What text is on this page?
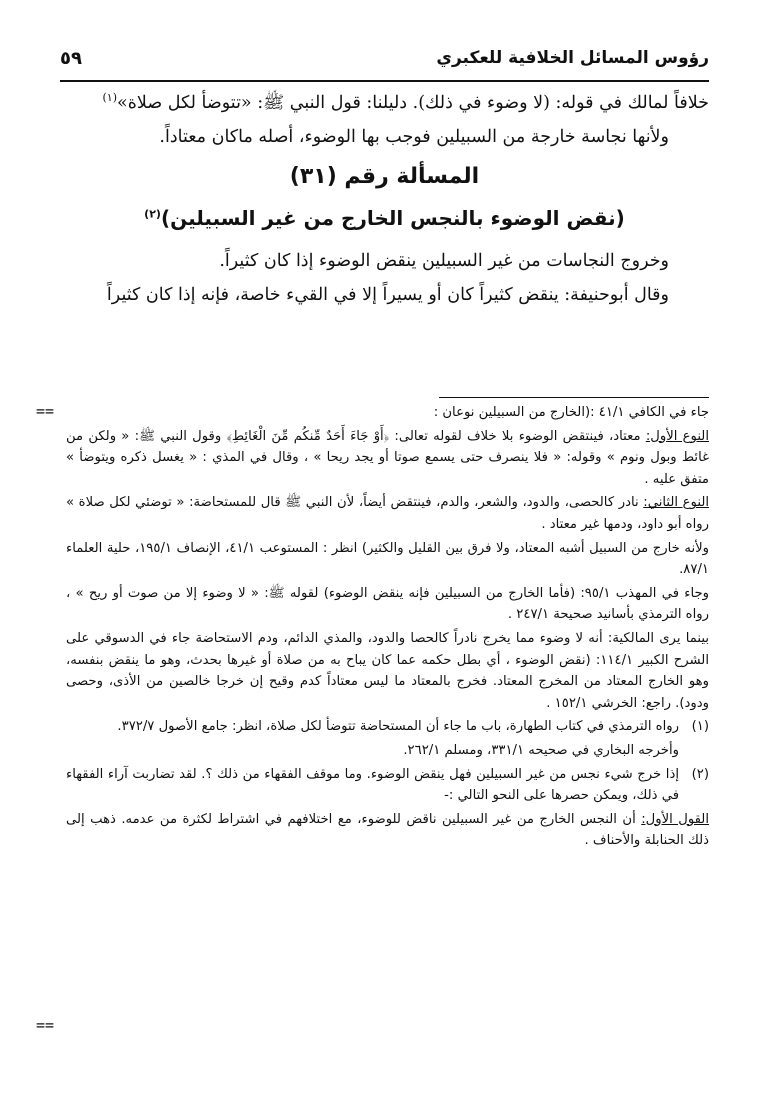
رؤوس المسائل الخلافية للعكبري
٥٩

خلافاً لمالك في قوله: (لا وضوء في ذلك). دليلنا: قول النبي ﷺ: «تتوضأ لكل صلاة»$^{(١)}$

ولأنها نجاسة خارجة من السبيلين فوجب بها الوضوء، أصله ماكان معتاداً.

المسألة رقم (٣١)

(نقض الوضوء بالنجس الخارج من غير السبيلين)$^{(٢)}$

وخروج النجاسات من غير السبيلين ينقض الوضوء إذا كان كثيراً.

وقال أبوحنيفة: ينقض كثيراً كان أو يسيراً إلا في القيء خاصة، فإنه إذا كان كثيراً

==
==

جاء في الكافي ٤١/١ :(الخارج من السبيلين نوعان :

النوع الأول: معتاد، فينتقض الوضوء بلا خلاف لقوله تعالى: ﴿أَوْ جَاءَ أَحَدٌ مِّنكُم مِّنَ الْغَائِطِ﴾ وقول النبي ﷺ: « ولكن من غائط وبول ونوم » وقوله: « فلا ينصرف حتى يسمع صوتا أو يجد ريحا » ، وقال في المذي : « يغسل ذكره ويتوضأ » متفق عليه .

النوع الثاني: نادر كالحصى، والدود، والشعر، والدم، فينتقض أيضاً، لأن النبي ﷺ قال للمستحاضة: « توضئي لكل صلاة » رواه أبو داود، ودمها غير معتاد .

ولأنه خارج من السبيل أشبه المعتاد، ولا فرق بين القليل والكثير) انظر : المستوعب ٤١/١، الإنصاف ١٩٥/١، حلية العلماء ٨٧/١.

وجاء في المهذب ٩٥/١: (فأما الخارج من السبيلين فإنه ينقض الوضوء) لقوله ﷺ: « لا وضوء إلا من صوت أو ريح » ، رواه الترمذي بأسانيد صحيحة ٢٤٧/١ .

بينما يرى المالكية: أنه لا وضوء مما يخرج نادراً كالحصا والدود، والمذي الدائم، ودم الاستحاضة جاء في الدسوقي على الشرح الكبير ١١٤/١: (نقض الوضوء ، أي بطل حكمه عما كان يباح به من صلاة أو غيرها بحدث، وهو ما ينقض بنفسه، وهو الخارج المعتاد من المخرج المعتاد. فخرج بالمعتاد ما ليس معتاداً كدم وقيح إن خرجا خالصين من الأذى، وحصى ودود). راجع: الخرشي ١٥٢/١ .

(١)
رواه الترمذي في كتاب الطهارة، باب ما جاء أن المستحاضة تتوضأ لكل صلاة، انظر: جامع الأصول ٣٧٢/٧.

وأخرجه البخاري في صحيحه ٣٣١/١، ومسلم ٢٦٢/١.

(٢)
إذا خرج شيء نجس من غير السبيلين فهل ينقض الوضوء. وما موقف الفقهاء من ذلك ؟. لقد تضاربت آراء الفقهاء في ذلك، ويمكن حصرها على النحو التالي :-

القول الأول: أن النجس الخارج من غير السبيلين ناقض للوضوء، مع اختلافهم في اشتراط لكثرة من عدمه. ذهب إلى ذلك الحنابلة والأحناف .
